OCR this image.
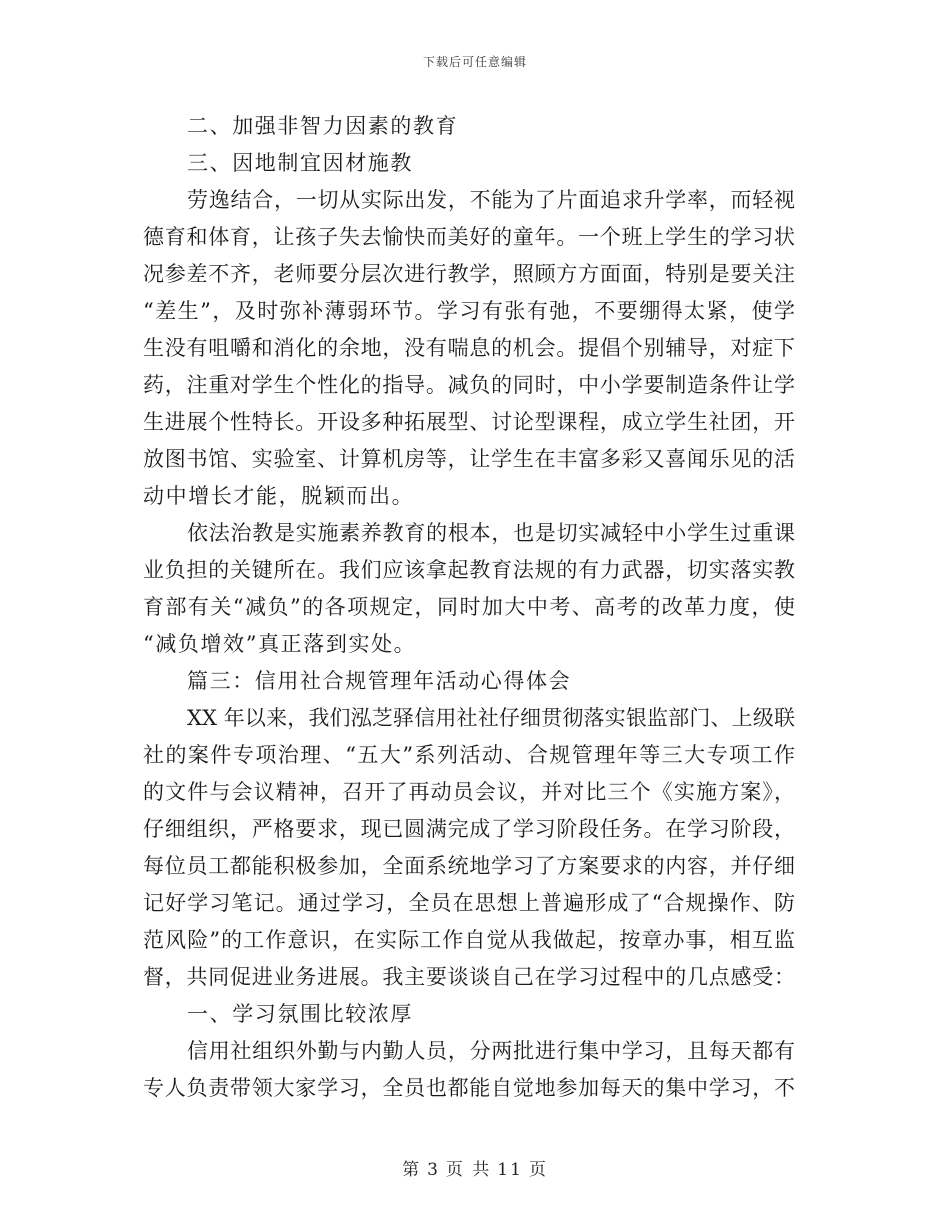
下载后可任意编辑
二、加强非智力因素的教育
三、因地制宜因材施教
劳逸结合，一切从实际出发，不能为了片面追求升学率，而轻视
德育和体育，让孩子失去愉快而美好的童年。一个班上学生的学习状
况参差不齐，老师要分层次进行教学，照顾方方面面，特别是要关注
“差生”，及时弥补薄弱环节。学习有张有弛，不要绷得太紧，使学
生没有咀嚼和消化的余地，没有喘息的机会。提倡个别辅导，对症下
药，注重对学生个性化的指导。减负的同时，中小学要制造条件让学
生进展个性特长。开设多种拓展型、讨论型课程，成立学生社团，开
放图书馆、实验室、计算机房等，让学生在丰富多彩又喜闻乐见的活
动中增长才能，脱颖而出。
依法治教是实施素养教育的根本，也是切实减轻中小学生过重课
业负担的关键所在。我们应该拿起教育法规的有力武器，切实落实教
育部有关“减负”的各项规定，同时加大中考、高考的改革力度，使
“减负增效”真正落到实处。
篇三：信用社合规管理年活动心得体会
XX 年以来，我们泓芝驿信用社社仔细贯彻落实银监部门、上级联
社的案件专项治理、“五大”系列活动、合规管理年等三大专项工作
的文件与会议精神，召开了再动员会议，并对比三个《实施方案》，
仔细组织，严格要求，现已圆满完成了学习阶段任务。在学习阶段，
每位员工都能积极参加，全面系统地学习了方案要求的内容，并仔细
记好学习笔记。通过学习，全员在思想上普遍形成了“合规操作、防
范风险”的工作意识，在实际工作自觉从我做起，按章办事，相互监
督，共同促进业务进展。我主要谈谈自己在学习过程中的几点感受：
一、学习氛围比较浓厚
信用社组织外勤与内勤人员，分两批进行集中学习，且每天都有
专人负责带领大家学习，全员也都能自觉地参加每天的集中学习，不
第 3 页 共 11 页
